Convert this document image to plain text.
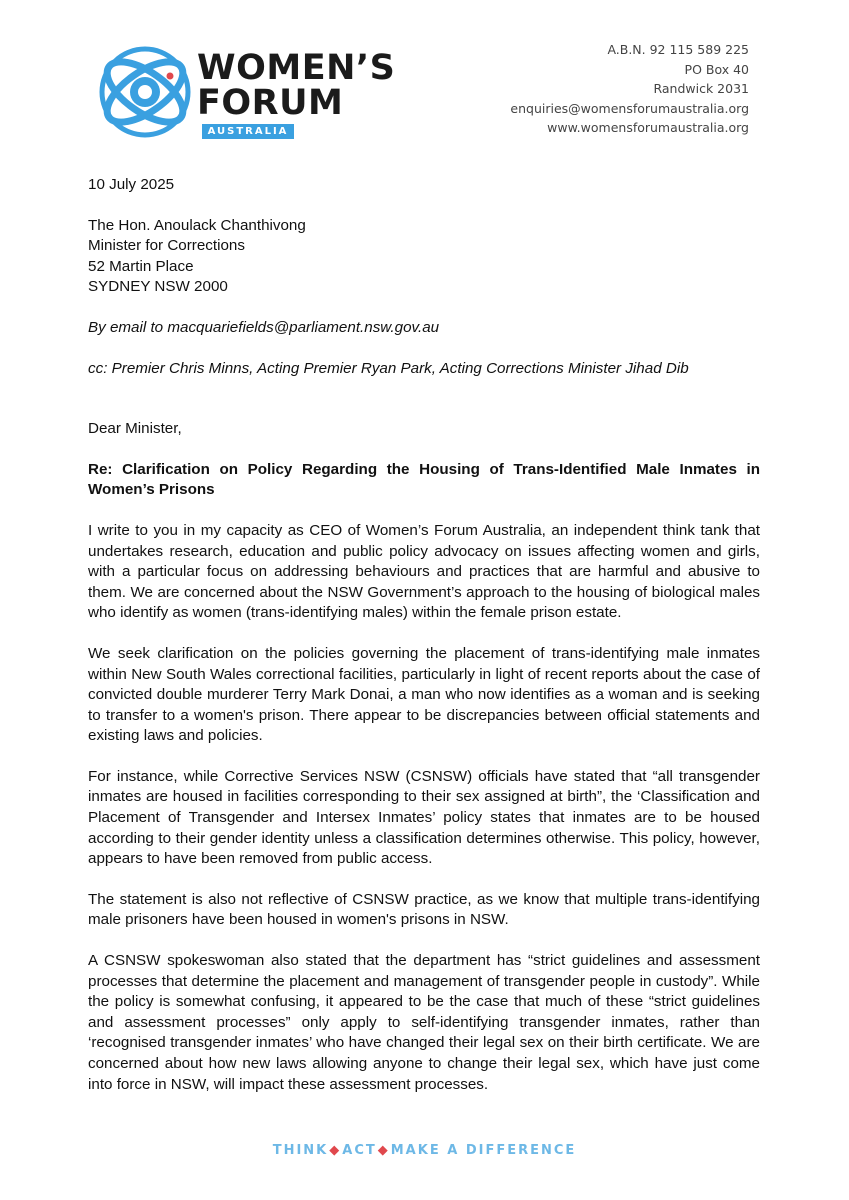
WOMEN’S
FORUM
AUSTRALIA
A.B.N. 92 115 589 225
PO Box 40
Randwick 2031
enquiries@womensforumaustralia.org
www.womensforumaustralia.org

10 July 2025

The Hon. Anoulack Chanthivong

Minister for Corrections

52 Martin Place

SYDNEY NSW 2000

By email to macquariefields@parliament.nsw.gov.au

cc: Premier Chris Minns, Acting Premier Ryan Park, Acting Corrections Minister Jihad Dib

Dear Minister,

Re: Clarification on Policy Regarding the Housing of Trans-Identified Male Inmates in Women’s Prisons

I write to you in my capacity as CEO of Women’s Forum Australia, an independent think tank that undertakes research, education and public policy advocacy on issues affecting women and girls, with a particular focus on addressing behaviours and practices that are harmful and abusive to them. We are concerned about the NSW Government’s approach to the housing of biological males who identify as women (trans-identifying males) within the female prison estate.

We seek clarification on the policies governing the placement of trans-identifying male inmates within New South Wales correctional facilities, particularly in light of recent reports about the case of convicted double murderer Terry Mark Donai, a man who now identifies as a woman and is seeking to transfer to a women's prison. There appear to be discrepancies between official statements and existing laws and policies.

For instance, while Corrective Services NSW (CSNSW) officials have stated that “all transgender inmates are housed in facilities corresponding to their sex assigned at birth”, the ‘Classification and Placement of Transgender and Intersex Inmates’ policy states that inmates are to be housed according to their gender identity unless a classification determines otherwise. This policy, however, appears to have been removed from public access.

The statement is also not reflective of CSNSW practice, as we know that multiple trans-identifying male prisoners have been housed in women's prisons in NSW.

A CSNSW spokeswoman also stated that the department has “strict guidelines and assessment processes that determine the placement and management of transgender people in custody”. While the policy is somewhat confusing, it appeared to be the case that much of these “strict guidelines and assessment processes” only apply to self-identifying transgender inmates, rather than ‘recognised transgender inmates’ who have changed their legal sex on their birth certificate. We are concerned about how new laws allowing anyone to change their legal sex, which have just come into force in NSW, will impact these assessment processes.

THINK◆ACT◆MAKE A DIFFERENCE
